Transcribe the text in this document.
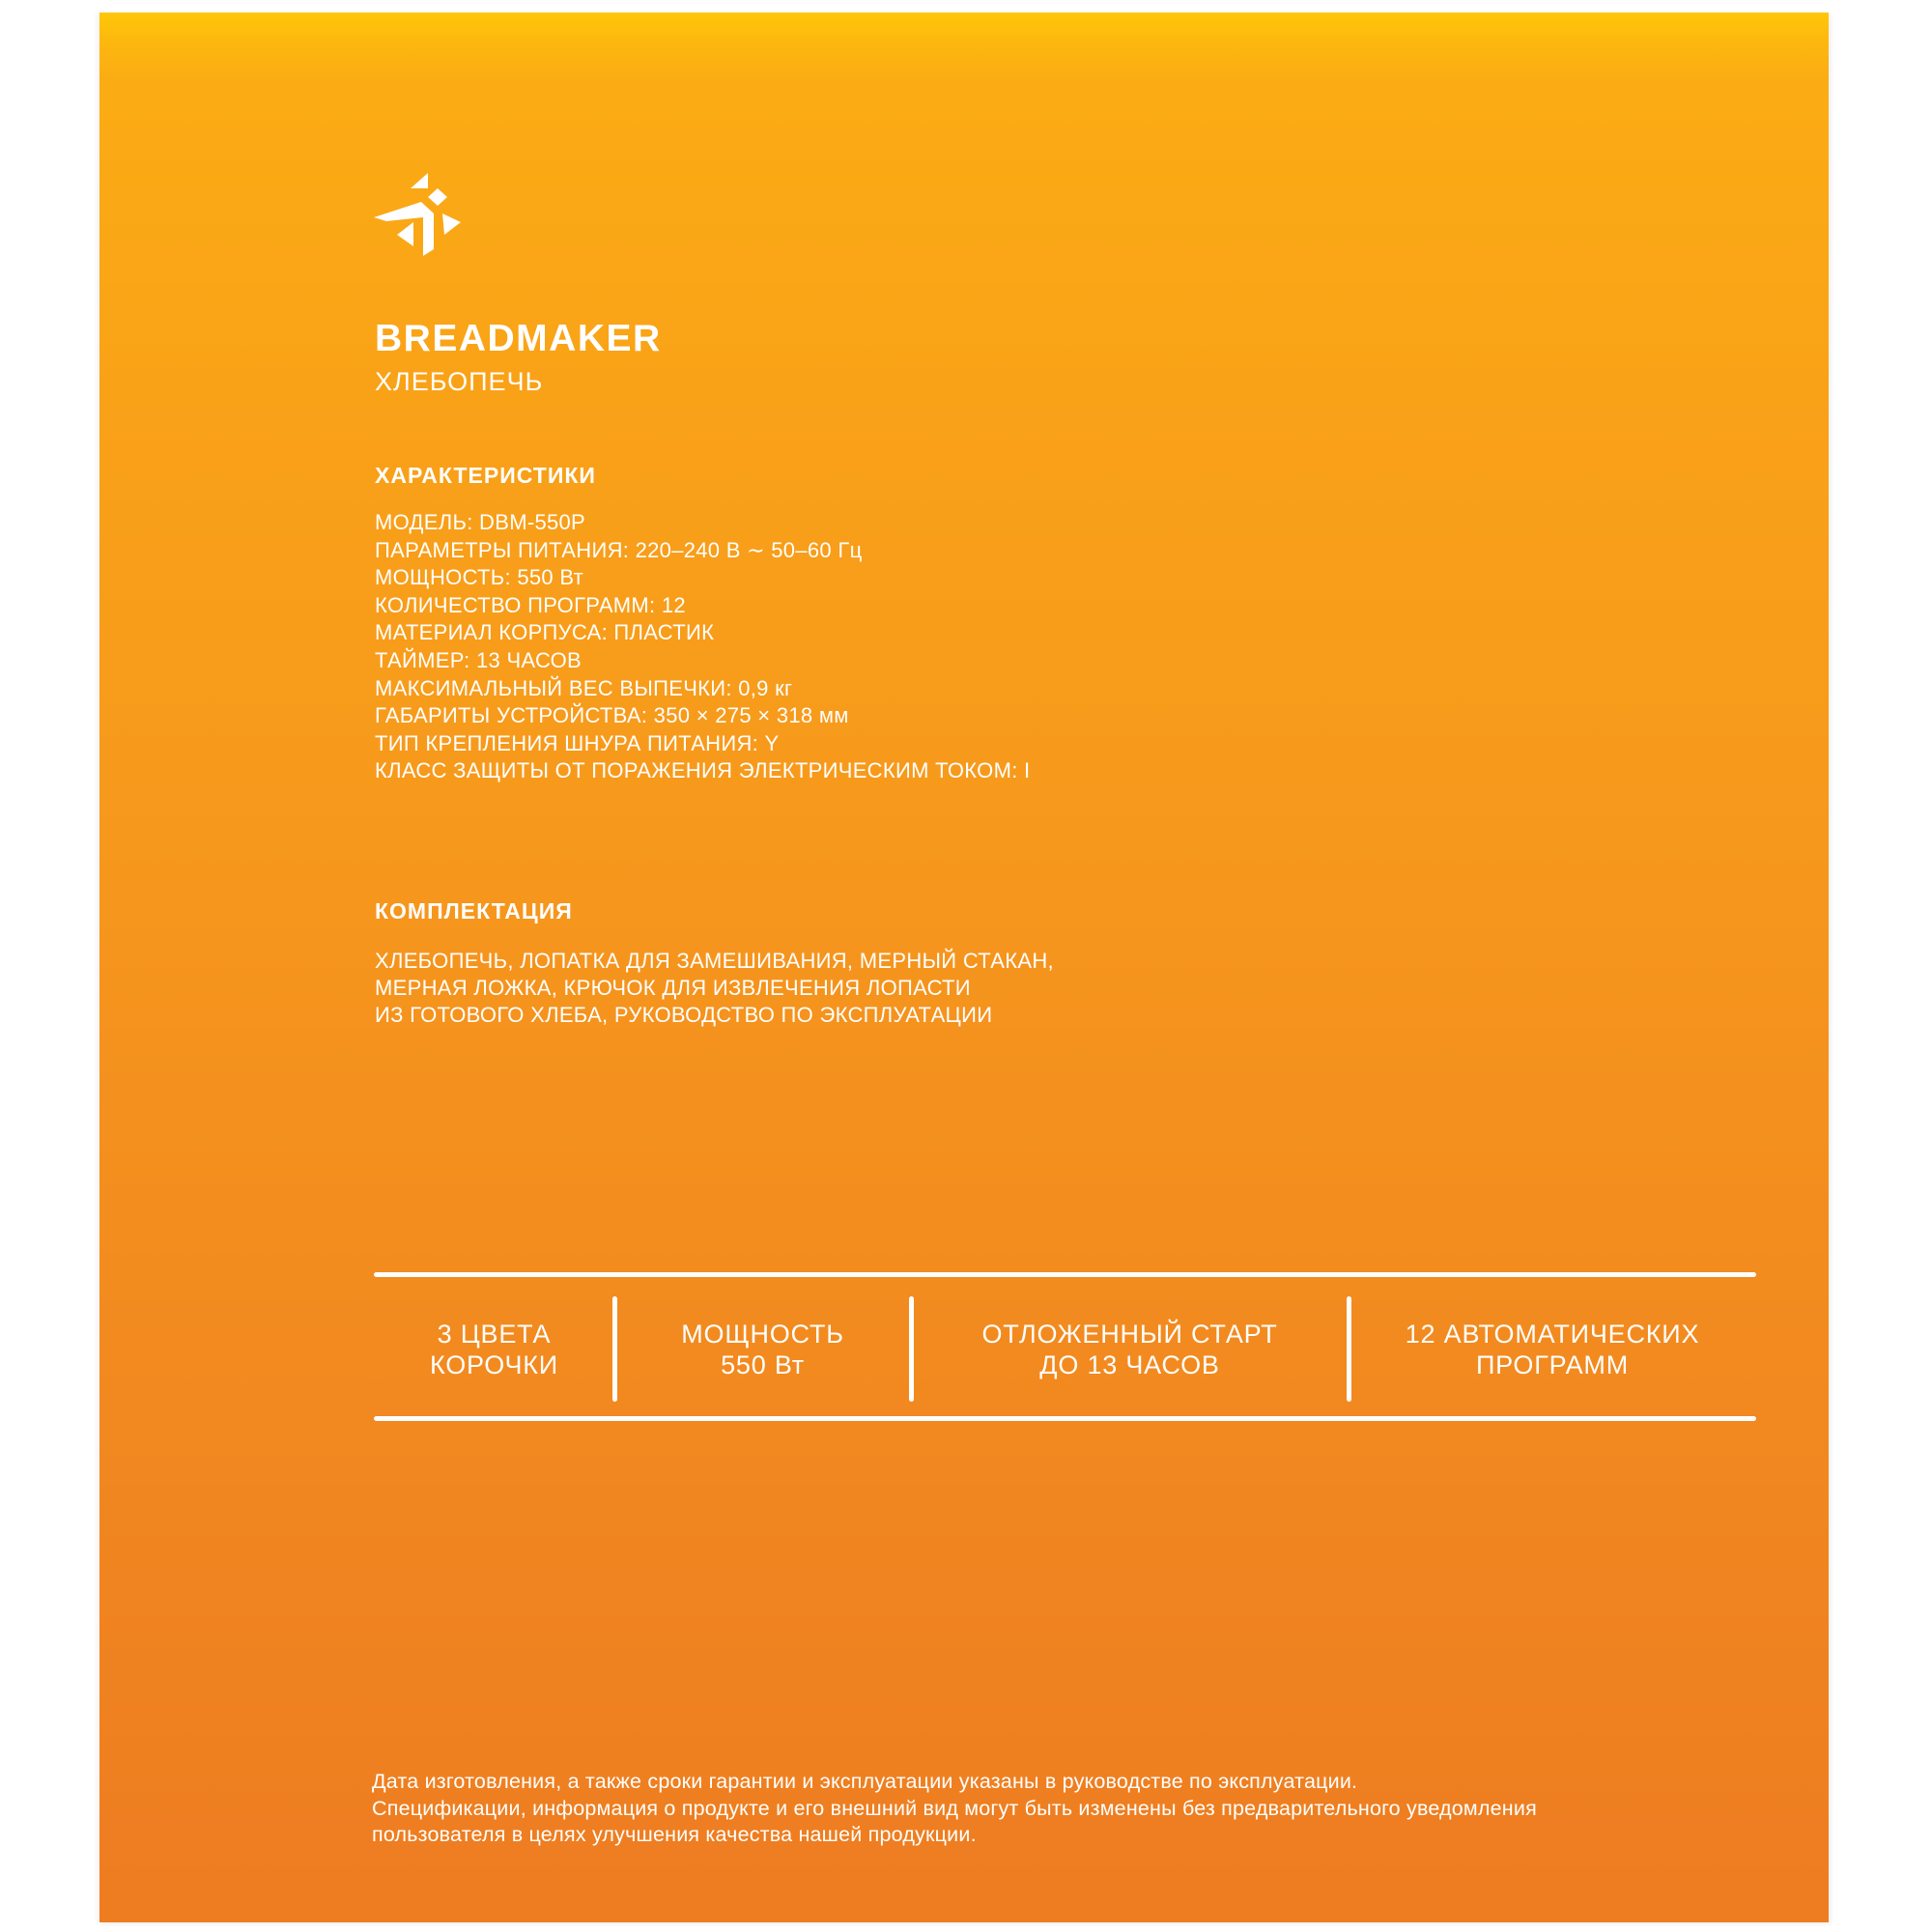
BREADMAKER
ХЛЕБОПЕЧЬ
ХАРАКТЕРИСТИКИ
МОДЕЛЬ: DBM-550P
ПАРАМЕТРЫ ПИТАНИЯ: 220–240 В ∼ 50–60 Гц
МОЩНОСТЬ: 550 Вт
КОЛИЧЕСТВО ПРОГРАММ: 12
МАТЕРИАЛ КОРПУСА: ПЛАСТИК
ТАЙМЕР: 13 ЧАСОВ
МАКСИМАЛЬНЫЙ ВЕС ВЫПЕЧКИ: 0,9 кг
ГАБАРИТЫ УСТРОЙСТВА: 350 × 275 × 318 мм
ТИП КРЕПЛЕНИЯ ШНУРА ПИТАНИЯ: Y
КЛАСС ЗАЩИТЫ ОТ ПОРАЖЕНИЯ ЭЛЕКТРИЧЕСКИМ ТОКОМ: I
КОМПЛЕКТАЦИЯ
ХЛЕБОПЕЧЬ, ЛОПАТКА ДЛЯ ЗАМЕШИВАНИЯ, МЕРНЫЙ СТАКАН,
МЕРНАЯ ЛОЖКА, КРЮЧОК ДЛЯ ИЗВЛЕЧЕНИЯ ЛОПАСТИ
ИЗ ГОТОВОГО ХЛЕБА, РУКОВОДСТВО ПО ЭКСПЛУАТАЦИИ
3 ЦВЕТА
КОРОЧКИ
МОЩНОСТЬ
550 Вт
ОТЛОЖЕННЫЙ СТАРТ
ДО 13 ЧАСОВ
12 АВТОМАТИЧЕСКИХ
ПРОГРАММ
Дата изготовления, а также сроки гарантии и эксплуатации указаны в руководстве по эксплуатации.
Спецификации, информация о продукте и его внешний вид могут быть изменены без предварительного уведомления
пользователя в целях улучшения качества нашей продукции.
